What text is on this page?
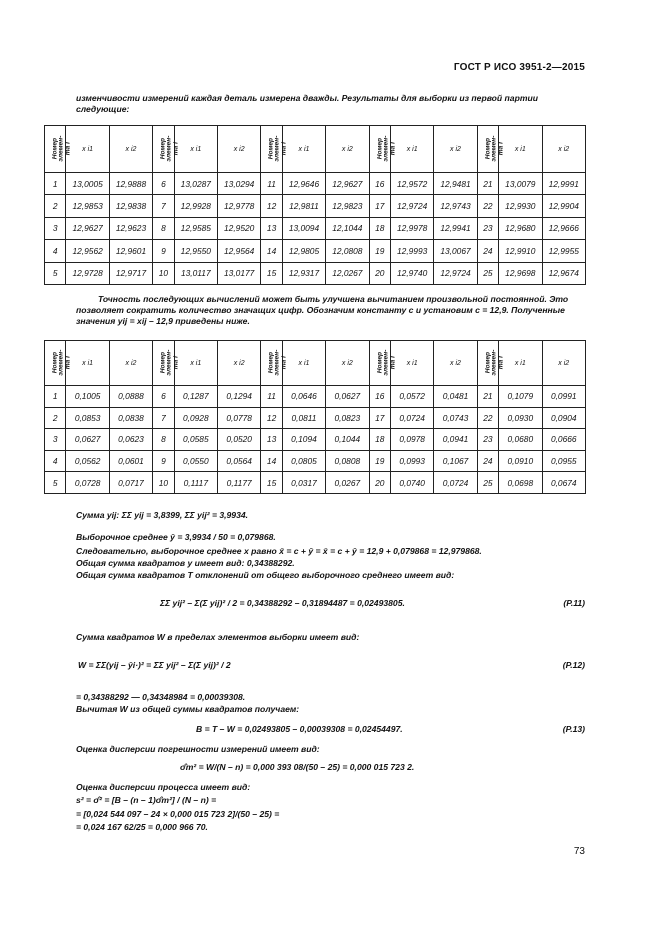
ГОСТ Р ИСО 3951-2—2015
изменчивости измерений каждая деталь измерена дважды. Результаты для выборки из первой партии следующие:
Номер
элемен-
та i	x i1	x i2	Номер
элемен-
та i	x i1	x i2	Номер
элемен-
та i	x i1	x i2	Номер
элемен-
та i	x i1	x i2	Номер
элемен-
та i	x i1	x i2
1	13,0005	12,9888	6	13,0287	13,0294	11	12,9646	12,9627	16	12,9572	12,9481	21	13,0079	12,9991
2	12,9853	12,9838	7	12,9928	12,9778	12	12,9811	12,9823	17	12,9724	12,9743	22	12,9930	12,9904
3	12,9627	12,9623	8	12,9585	12,9520	13	13,0094	12,1044	18	12,9978	12,9941	23	12,9680	12,9666
4	12,9562	12,9601	9	12,9550	12,9564	14	12,9805	12,0808	19	12,9993	13,0067	24	12,9910	12,9955
5	12,9728	12,9717	10	13,0117	13,0177	15	12,9317	12,0267	20	12,9740	12,9724	25	12,9698	12,9674
Точность последующих вычислений может быть улучшена вычитанием произвольной постоянной. Это позволяет сократить количество значащих цифр. Обозначим константу с и установим с = 12,9. Полученные значения yij = xij – 12,9 приведены ниже.
Номер
элемен-
та i	x i1	x i2	Номер
элемен-
та i	x i1	x i2	Номер
элемен-
та i	x i1	x i2	Номер
элемен-
та i	x i1	x i2	Номер
элемен-
та i	x i1	x i2
1	0,1005	0,0888	6	0,1287	0,1294	11	0,0646	0,0627	16	0,0572	0,0481	21	0,1079	0,0991
2	0,0853	0,0838	7	0,0928	0,0778	12	0,0811	0,0823	17	0,0724	0,0743	22	0,0930	0,0904
3	0,0627	0,0623	8	0,0585	0,0520	13	0,1094	0,1044	18	0,0978	0,0941	23	0,0680	0,0666
4	0,0562	0,0601	9	0,0550	0,0564	14	0,0805	0,0808	19	0,0993	0,1067	24	0,0910	0,0955
5	0,0728	0,0717	10	0,1117	0,1177	15	0,0317	0,0267	20	0,0740	0,0724	25	0,0698	0,0674
Сумма yij: ΣΣ yij = 3,8399, ΣΣ yij² = 3,9934.
Выборочное среднее ȳ = 3,9934 / 50 = 0,079868.
Следовательно, выборочное среднее x равно x̄ = c + ȳ = x̄ = c + ȳ = 12,9 + 0,079868 = 12,979868.
Общая сумма квадратов y имеет вид: 0,34388292.
Общая сумма квадратов T отклонений от общего выборочного среднего имеет вид:
ΣΣ yij² – Σ(Σ yij)² / 2 = 0,34388292 – 0,31894487 = 0,02493805.	(P.11)
Сумма квадратов W в пределах элементов выборки имеет вид:
W = ΣΣ(yij – ȳi·)² = ΣΣ yij² – Σ(Σ yij)² / 2	(P.12)
= 0,34388292 — 0,34348984 = 0,00039308.
Вычитая W из общей суммы квадратов получаем:
B = T – W = 0,02493805 – 0,00039308 = 0,02454497.	(P.13)
Оценка дисперсии погрешности измерений имеет вид:
σ̂m² = W/(N – n) = 0,000 393 08/(50 – 25) = 0,000 015 723 2.
Оценка дисперсии процесса имеет вид:
s² = σ̂² = [B – (n – 1)σ̂m²] / (N – n) =
= [0,024 544 097 – 24 × 0,000 015 723 2]/(50 – 25) =
= 0,024 167 62/25 = 0,000 966 70.
73
